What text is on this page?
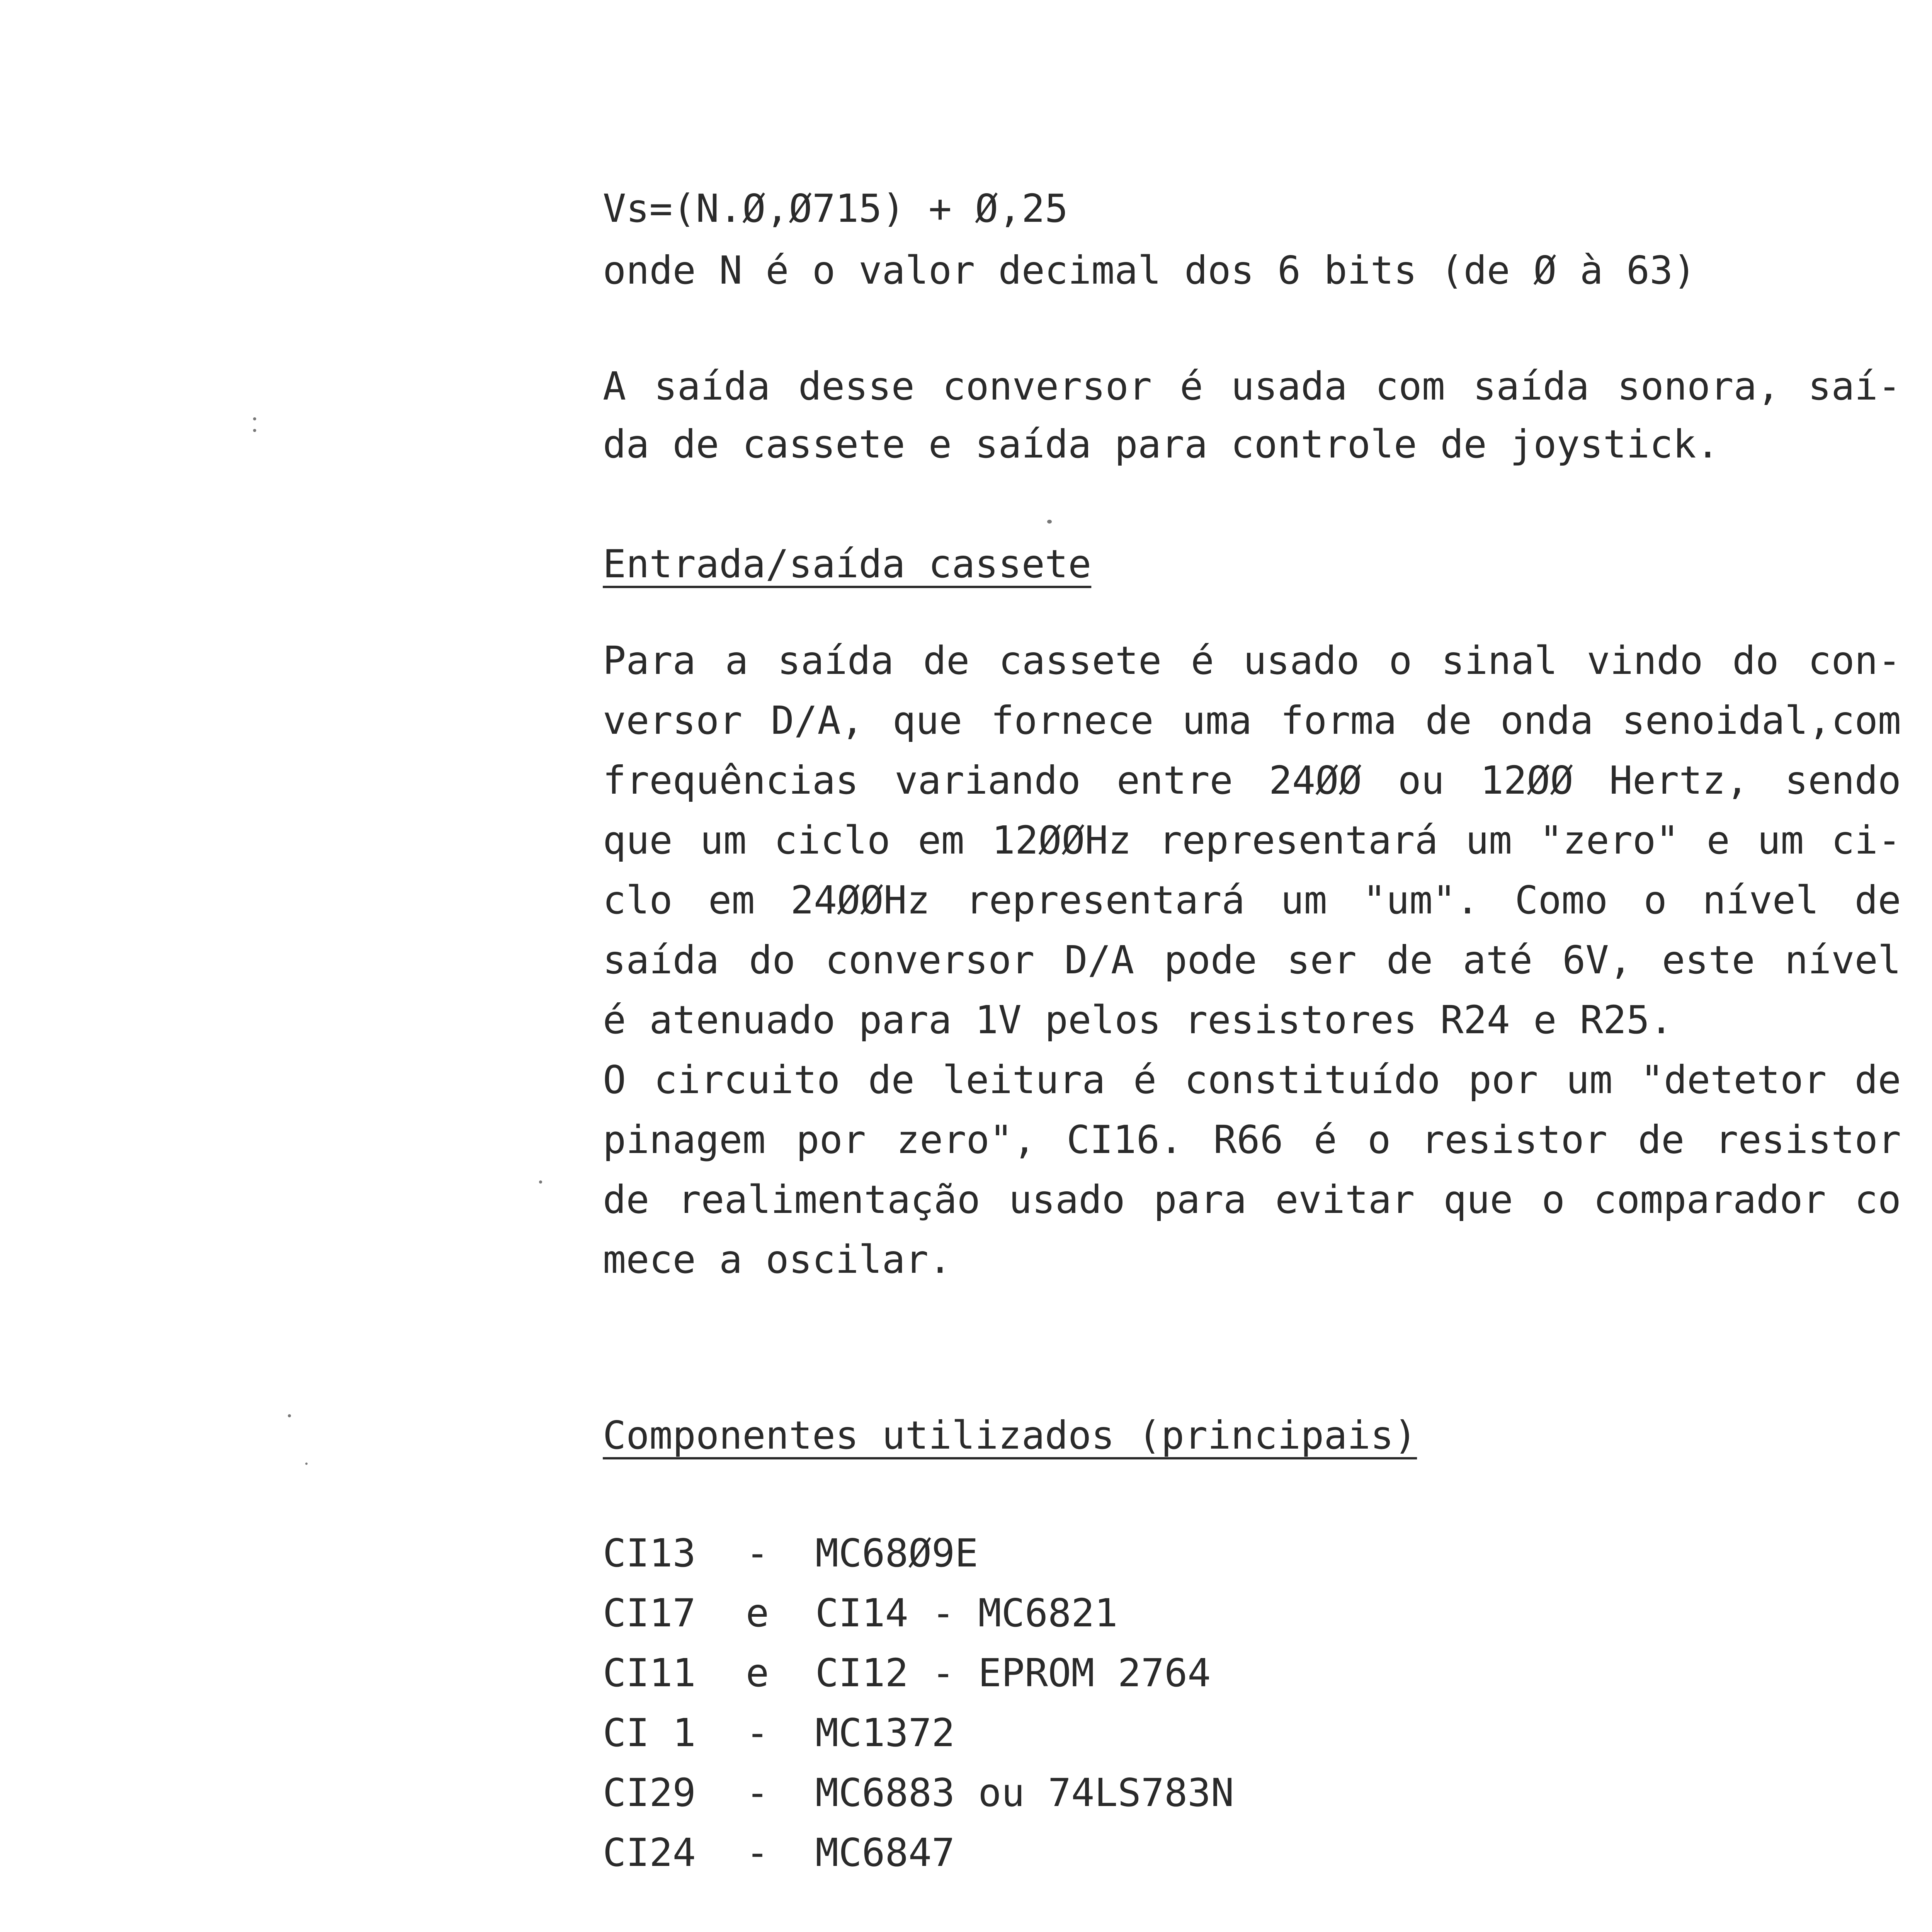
Vs=(N.Ø,Ø715) + Ø,25
onde N é o valor decimal dos 6 bits (de Ø à 63)
A saída desse conversor é usada com saída sonora, saí-
da de cassete e saída para controle de joystick.
Entrada/saída cassete
Para a saída de cassete é usado o sinal vindo do con-
versor D/A, que fornece uma forma de onda senoidal,com
frequências variando entre 24ØØ ou 12ØØ Hertz, sendo
que um ciclo em 12ØØHz representará um "zero" e um ci-
clo em 24ØØHz representará um "um". Como o nível de
saída do conversor D/A pode ser de até 6V, este nível
é atenuado para 1V pelos resistores R24 e R25.
O circuito de leitura é constituído por um "detetor de
pinagem por zero", CI16. R66 é o resistor de resistor
de realimentação usado para evitar que o comparador co
mece a oscilar.
Componentes utilizados (principais)

CI13

-

MC68Ø9E

CI17

e

CI14 - MC6821

CI11

e

CI12 - EPROM 2764

CI 1

-

MC1372

CI29

-

MC6883 ou 74LS783N

CI24

-

MC6847
